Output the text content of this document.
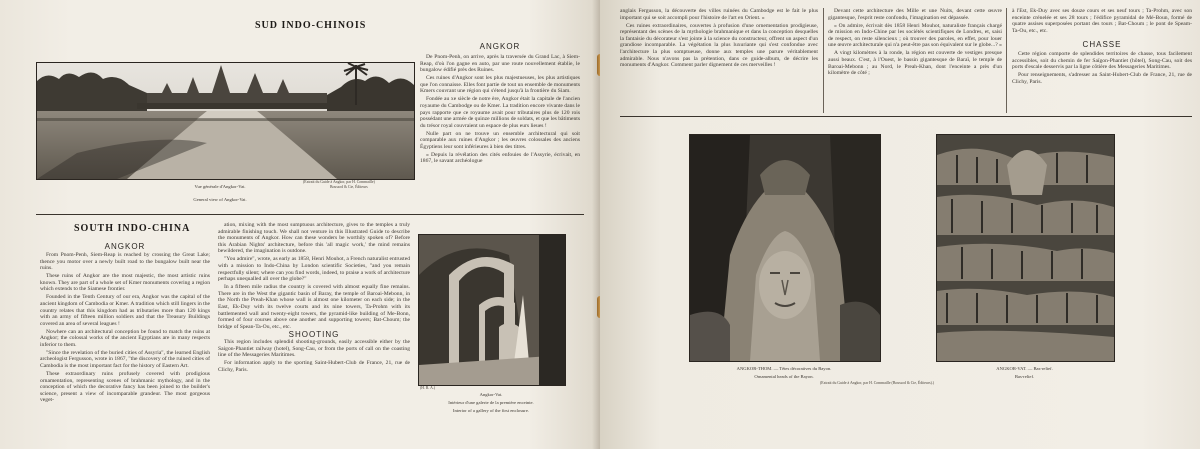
SUD INDO-CHINOIS
Vue générale d'Angkor-Vat.
General view of Angkor-Vat.
(Extrait du Guide à Angkor, par H. Commaille)
Boussod & Cie, Éditeurs
ANGKOR

De Pnom-Penh, on arrive, après la traversée du Grand Lac, à Siem-Reap, d'où l'on gagne en auto, par une route nouvellement établie, le bungalow édifié près des Ruines.

Ces ruines d'Angkor sont les plus majestueuses, les plus artistiques que l'on connaisse. Elles font partie de tout un ensemble de monuments Kmers couvrant une région qui s'étend jusqu'à la frontière du Siam.

Fondée au xe siècle de notre ère, Angkor était la capitale de l'ancien royaume du Cambodge ou de Kmer. La tradition encore vivante dans le pays rapporte que ce royaume avait pour tributaires plus de 120 rois possédant une armée de quinze millions de soldats, et que les bâtiments du trésor royal couvraient un espace de plus eurs lieues !

Nulle part on ne trouve un ensemble architectural qui soit comparable aux ruines d'Angkor ; les œuvres colossales des anciens Égyptiens leur sont inférieures à bien des titres.

« Depuis la révélation des cités enfouies de l'Assyrie, écrivait, en 1867, le savant archéologue

SOUTH INDO-CHINA
ANGKOR

From Pnom-Penh, Siem-Reap is reached by crossing the Great Lake; thence you motor over a newly built road to the bungalow built near the ruins.

These ruins of Angkor are the most majestic, the most artistic ruins known. They are part of a whole set of Kmer monuments covering a region which extends to the Siamese frontier.

Founded in the Tenth Century of our era, Angkor was the capital of the ancient kingdom of Cambodia or Kmer. A tradition which still lingers in the country relates that this kingdom had as tributaries more than 120 kings with an army of fifteen million soldiers and that the Treasury Buildings covered an area of several leagues !

Nowhere can an architectural conception be found to match the ruins at Angkor; the colossal works of the ancient Egyptians are in many respects inferior to them.

"Since the revelation of the buried cities of Assyria", the learned English archeologist Fergusson, wrote in 1867, "the discovery of the ruined cities of Cambodia is the most important fact for the history of Eastern Art.

These extraordinary ruins profusely covered with prodigious ornamentation, representing scenes of brahmanic mythology, and in the conception of which the decorative fancy has been joined to the builder's science, present a view of incomparable grandeur. The most gorgeous veget-

ation, mixing with the most sumptuous architecture, gives to the temples a truly admirable finishing touch. We shall not venture in this Illustrated Guide to describe the monuments of Angkor. How can these wonders be worthily spoken of? Before this Arabian Nights' architecture, before this 'all magic work,' the mind remains bewildered, the imagination is outdone.

"You admire", wrote, as early as 1858, Henri Mouhot, a French naturalist entrusted with a mission to Indo-China by London scientific Societies, "and you remain respectfully silent; where can you find words, indeed, to praise a work of architecture perhaps unequalled all over the globe?"

In a fifteen mile radius the country is covered with almost equally fine remains. There are in the West the gigantic basin of Baray, the temple of Baroai-Mebonn, in the North the Preah-Khan whose wall is almost one kilometer on each side; in the East, Ek-Duy with its twelve courts and its nine towers, Ta-Prohm with its battlemented wall and twenty-eight towers, the pyramid-like building of Me-Bonn, formed of four courses above one another and supporting towers; Bat-Choum; the bridge of Spean-Ta-Ou, etc., etc.

SHOOTING

This region includes splendid shooting-grounds, easily accessible either by the Saigon-Phantiet railway (hotel), Song-Cau, or from the ports of call on the coasting line of the Messageries Maritimes.

For information apply to the sporting Saint-Hubert-Club de France, 21, rue de Clichy, Paris.

(H. R. A.)
Angkor-Vat.
Intérieur d'une galerie de la première enceinte.
Interior of a gallery of the first enclosure.

anglais Fergusson, la découverte des villes ruinées du Cambodge est le fait le plus important qui se soit accompli pour l'histoire de l'art en Orient. »

Ces ruines extraordinaires, couvertes à profusion d'une ornementation prodigieuse, représentant des scènes de la mythologie brahmanique et dans la conception desquelles la fantaisie du décorateur s'est jointe à la science du constructeur, offrent un aspect d'un grandiose incomparable. La végétation la plus luxuriante qui s'est confondue avec l'architecture la plus somptueuse, donne aux temples une parure véritablement admirable. Nous n'avons pas la prétention, dans ce guide-album, de décrire les monuments d'Angkor. Comment parler dignement de ces merveilles !

Devant cette architecture des Mille et une Nuits, devant cette œuvre gigantesque, l'esprit reste confondu, l'imagination est dépassée.

« On admire, écrivait dès 1858 Henri Mouhot, naturaliste français chargé de mission en Indo-Chine par les sociétés scientifiques de Londres, et, saisi de respect, on reste silencieux ; où trouver des paroles, en effet, pour louer une œuvre architecturale qui n'a peut-être pas son équivalent sur le globe...? »

A vingt kilomètres à la ronde, la région est couverte de vestiges presque aussi beaux. C'est, à l'Ouest, le bassin gigantesque de Baraï, le temple de Baroai-Mebonn ; au Nord, le Preah-Khan, dont l'enceinte a près d'un kilomètre de côté ;

à l'Est, Ek-Duy avec ses douze cours et ses neuf tours ; Ta-Prohm, avec son enceinte crénelée et ses 28 tours ; l'édifice pyramidal de Mé-Boun, formé de quatre assises superposées portant des tours ; Bat-Choum ; le pont de Speam-Ta-Ou, etc., etc.

CHASSE

Cette région comporte de splendides territoires de chasse, tous facilement accessibles, soit du chemin de fer Saïgon-Phantiet (hôtel), Song-Cau, soit des ports d'escale desservis par la ligne côtière des Messageries Maritimes.

Pour renseignements, s'adresser au Saint-Hubert-Club de France, 21, rue de Clichy, Paris.

ANGKOR-THOM. — Têtes décoratives du Bayon.
Ornamental heads of the Bayon.
(Extrait du Guide à Angkor, par H. Commaille (Boussod & Cie, Éditeurs).)
ANGKOR-VAT. — Bas-relief.
Bas-relief.
